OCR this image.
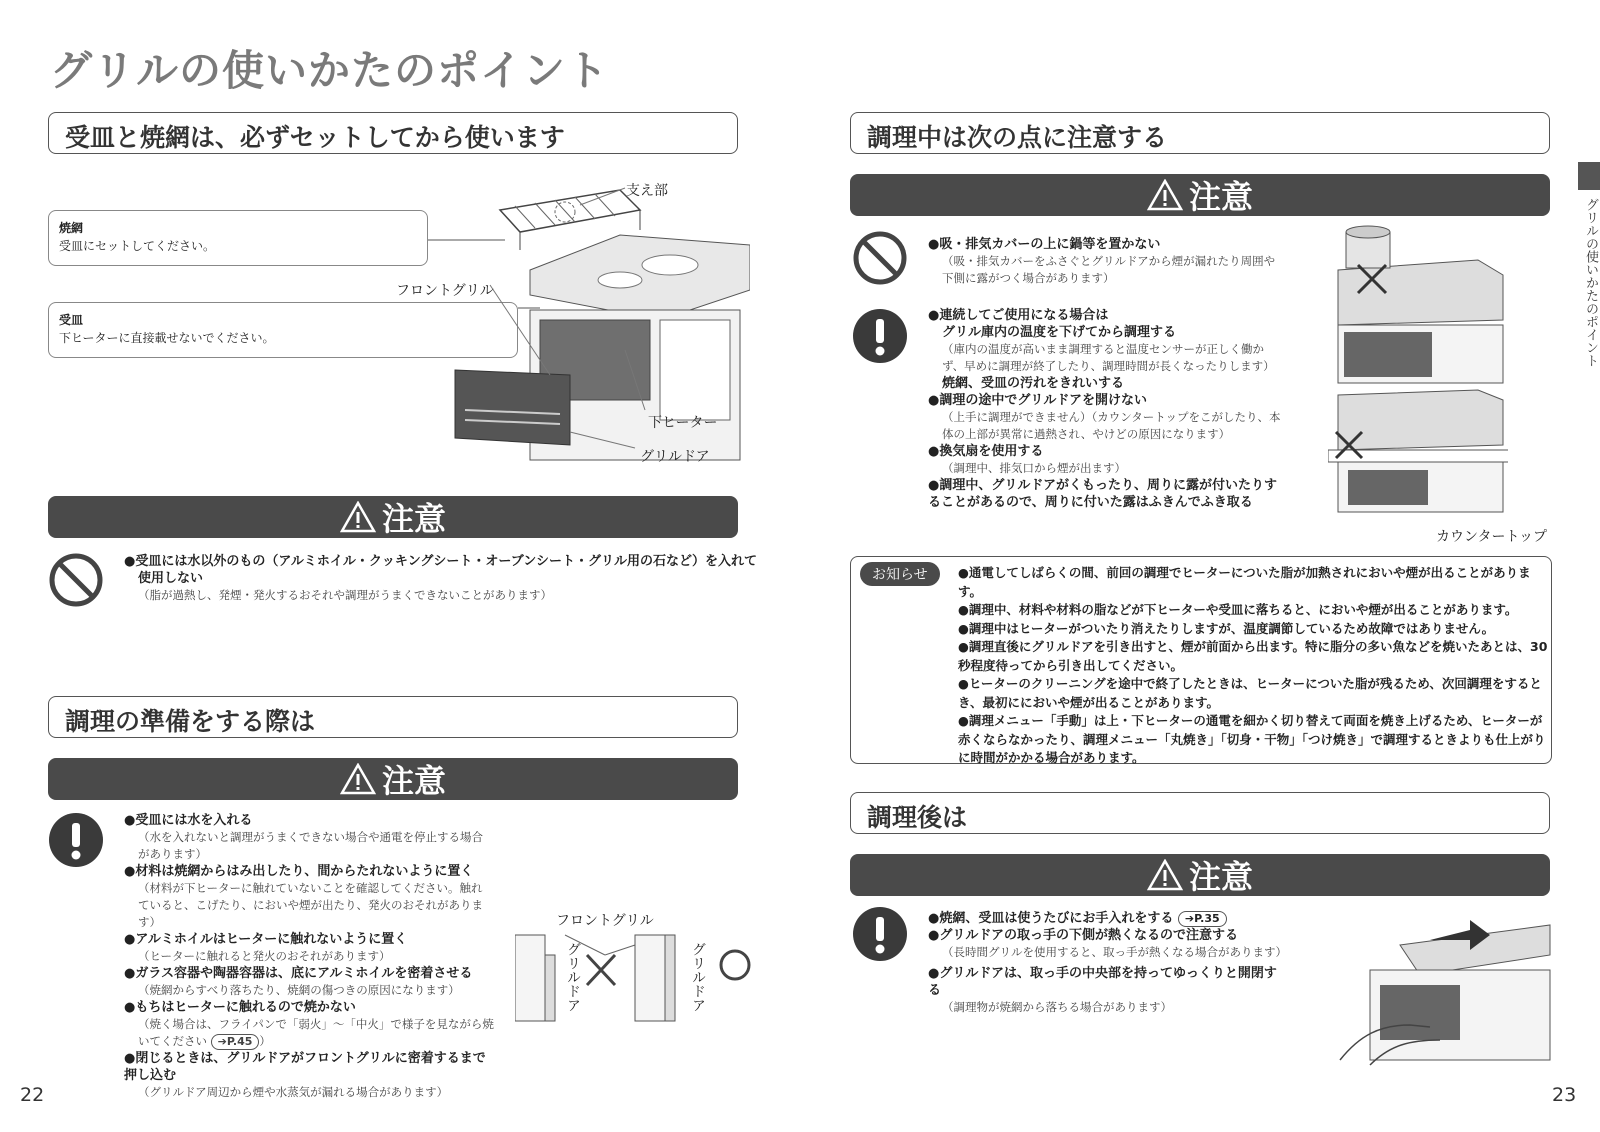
グリルの使いかたのポイント
受皿と焼網は、必ずセットしてから使います
焼網
受皿にセットしてください。
受皿
下ヒーターに直接載せないでください。
支え部
フロントグリル
下ヒーター
グリルドア
注意
●受皿には水以外のもの（アルミホイル・クッキングシート・オーブンシート・グリル用の石など）を入れて
使用しない
（脂が過熱し、発煙・発火するおそれや調理がうまくできないことがあります）
調理の準備をする際は
注意
●受皿には水を入れる
（水を入れないと調理がうまくできない場合や通電を停止する場合があります）
●材料は焼網からはみ出したり、間からたれないように置く
（材料が下ヒーターに触れていないことを確認してください。触れていると、こげたり、においや煙が出たり、発火のおそれがあります）
●アルミホイルはヒーターに触れないように置く
（ヒーターに触れると発火のおそれがあります）
●ガラス容器や陶器容器は、底にアルミホイルを密着させる
（焼網からすべり落ちたり、焼網の傷つきの原因になります）
●もちはヒーターに触れるので焼かない
（焼く場合は、フライパンで「弱火」～「中火」で様子を見ながら焼いてください ➔P.45 ）
●閉じるときは、グリルドアがフロントグリルに密着するまで押し込む
（グリルドア周辺から煙や水蒸気が漏れる場合があります）
フロントグリル
グリルドア	グリルドア
22
調理中は次の点に注意する
注意
●吸・排気カバーの上に鍋等を置かない
（吸・排気カバーをふさぐとグリルドアから煙が漏れたり周囲や下側に露がつく場合があります）
●連続してご使用になる場合は
グリル庫内の温度を下げてから調理する
（庫内の温度が高いまま調理すると温度センサーが正しく働かず、早めに調理が終了したり、調理時間が長くなったりします）
焼網、受皿の汚れをきれいする
●調理の途中でグリルドアを開けない
（上手に調理ができません）（カウンタートップをこがしたり、本体の上部が異常に過熱され、やけどの原因になります）
●換気扇を使用する
（調理中、排気口から煙が出ます）
●調理中、グリルドアがくもったり、周りに露が付いたりすることがあるので、周りに付いた露はふきんでふき取る
カウンタートップ
お知らせ	●通電してしばらくの間、前回の調理でヒーターについた脂が加熱されにおいや煙が出ることがあります。
●調理中、材料や材料の脂などが下ヒーターや受皿に落ちると、においや煙が出ることがあります。
●調理中はヒーターがついたり消えたりしますが、温度調節しているため故障ではありません。
●調理直後にグリルドアを引き出すと、煙が前面から出ます。特に脂分の多い魚などを焼いたあとは、30秒程度待ってから引き出してください。
●ヒーターのクリーニングを途中で終了したときは、ヒーターについた脂が残るため、次回調理をするとき、最初ににおいや煙が出ることがあります。
●調理メニュー「手動」は上・下ヒーターの通電を細かく切り替えて両面を焼き上げるため、ヒーターが赤くならなかったり、調理メニュー「丸焼き」「切身・干物」「つけ焼き」で調理するときよりも仕上がりに時間がかかる場合があります。
調理後は
注意
●焼網、受皿は使うたびにお手入れをする ➔P.35
●グリルドアの取っ手の下側が熱くなるので注意する
（長時間グリルを使用すると、取っ手が熱くなる場合があります）
●グリルドアは、取っ手の中央部を持ってゆっくりと開閉する
（調理物が焼網から落ちる場合があります）
23
グリルの使いかたのポイント
